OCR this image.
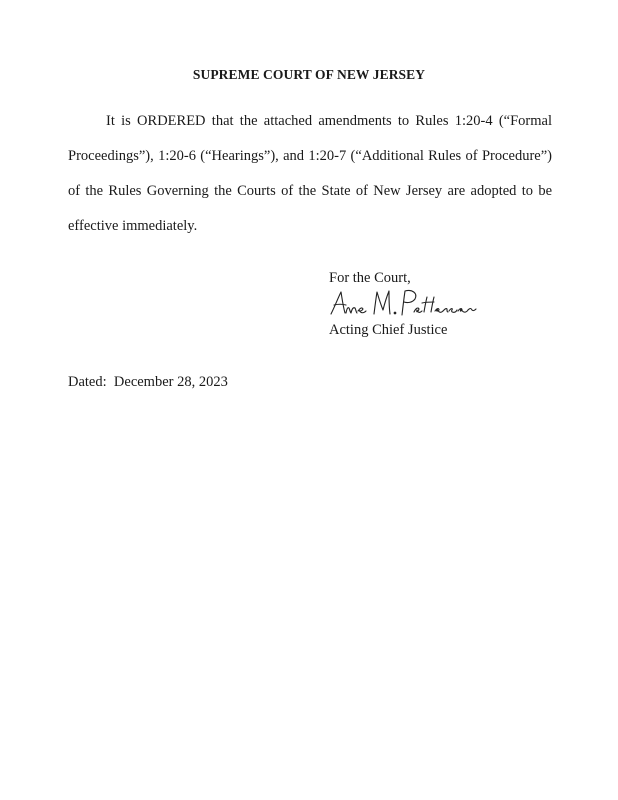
SUPREME COURT OF NEW JERSEY

It is ORDERED that the attached amendments to Rules 1:20-4 (“Formal Proceedings”), 1:20-6 (“Hearings”), and 1:20-7 (“Additional Rules of Procedure”) of the Rules Governing the Courts of the State of New Jersey are adopted to be effective immediately.

For the Court,
Acting Chief Justice
Dated: December 28, 2023
